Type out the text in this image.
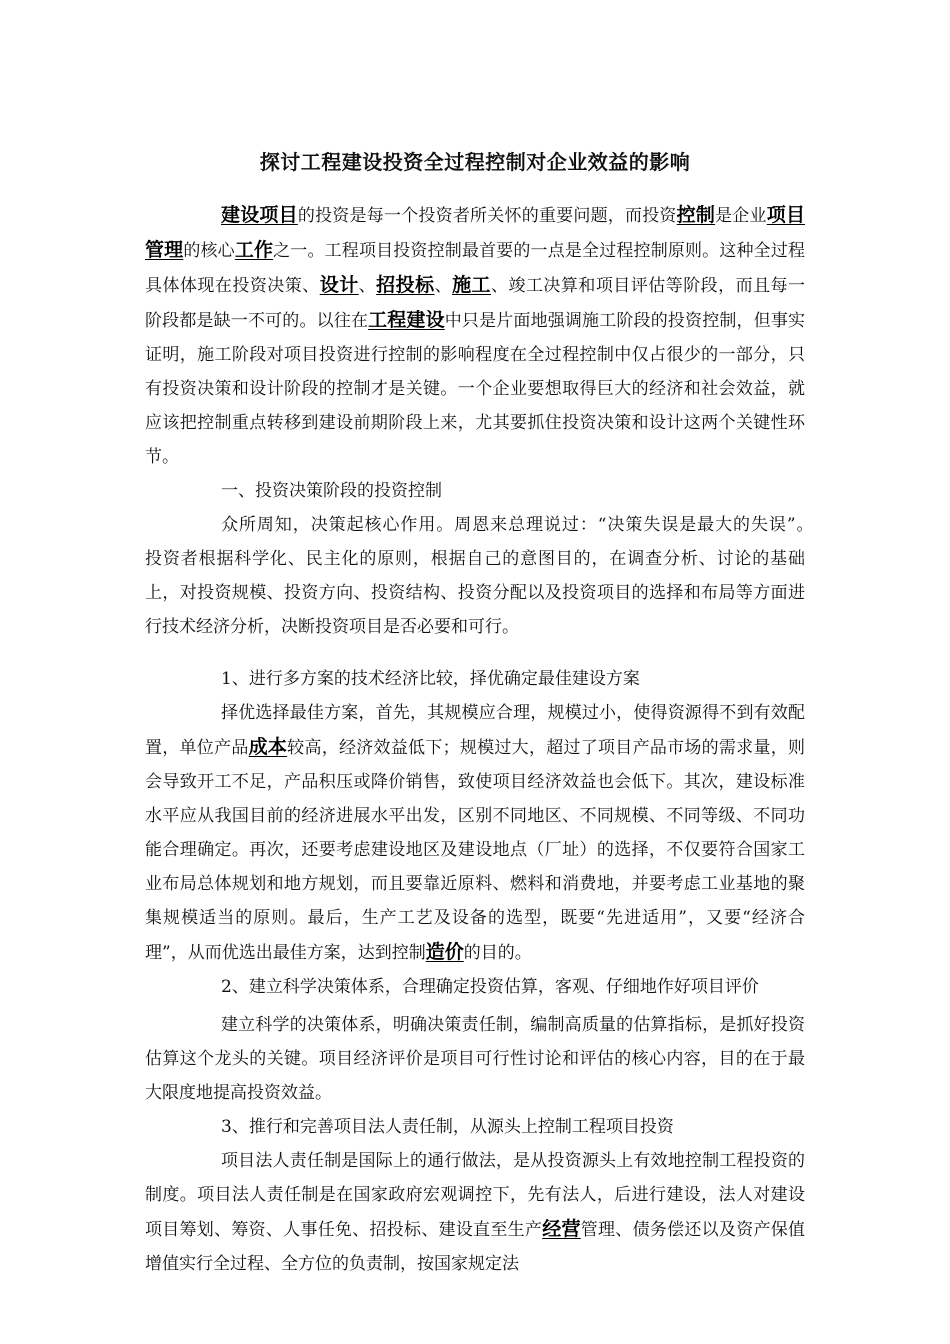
探讨工程建设投资全过程控制对企业效益的影响

建设项目的投资是每一个投资者所关怀的重要问题，而投资控制是企业项目管理的核心工作之一。工程项目投资控制最首要的一点是全过程控制原则。这种全过程具体体现在投资决策、设计、招投标、施工、竣工决算和项目评估等阶段，而且每一阶段都是缺一不可的。以往在工程建设中只是片面地强调施工阶段的投资控制，但事实证明，施工阶段对项目投资进行控制的影响程度在全过程控制中仅占很少的一部分，只有投资决策和设计阶段的控制才是关键。一个企业要想取得巨大的经济和社会效益，就应该把控制重点转移到建设前期阶段上来，尤其要抓住投资决策和设计这两个关键性环节。

一、投资决策阶段的投资控制

众所周知，决策起核心作用。周恩来总理说过：“决策失误是最大的失误”。　投资者根据科学化、民主化的原则，根据自己的意图目的，在调查分析、讨论的基础上，对投资规模、投资方向、投资结构、投资分配以及投资项目的选择和布局等方面进行技术经济分析，决断投资项目是否必要和可行。

1、进行多方案的技术经济比较，择优确定最佳建设方案

择优选择最佳方案，首先，其规模应合理，规模过小，使得资源得不到有效配置，单位产品成本较高，经济效益低下；规模过大，超过了项目产品市场的需求量，则会导致开工不足，产品积压或降价销售，致使项目经济效益也会低下。其次，建设标准水平应从我国目前的经济进展水平出发，区别不同地区、不同规模、不同等级、不同功能合理确定。再次，还要考虑建设地区及建设地点（厂址）的选择，不仅要符合国家工业布局总体规划和地方规划，而且要靠近原料、燃料和消费地，并要考虑工业基地的聚集规模适当的原则。最后，生产工艺及设备的选型，既要“先进适用”，又要“经济合理”，从而优选出最佳方案，达到控制造价的目的。

2、建立科学决策体系，合理确定投资估算，客观、仔细地作好项目评价

建立科学的决策体系，明确决策责任制，编制高质量的估算指标，是抓好投资估算这个龙头的关键。项目经济评价是项目可行性讨论和评估的核心内容，目的在于最大限度地提高投资效益。

3、推行和完善项目法人责任制，从源头上控制工程项目投资

项目法人责任制是国际上的通行做法，是从投资源头上有效地控制工程投资的制度。项目法人责任制是在国家政府宏观调控下，先有法人，后进行建设，法人对建设项目筹划、筹资、人事任免、招投标、建设直至生产经营管理、债务偿还以及资产保值增值实行全过程、全方位的负责制，按国家规定法
